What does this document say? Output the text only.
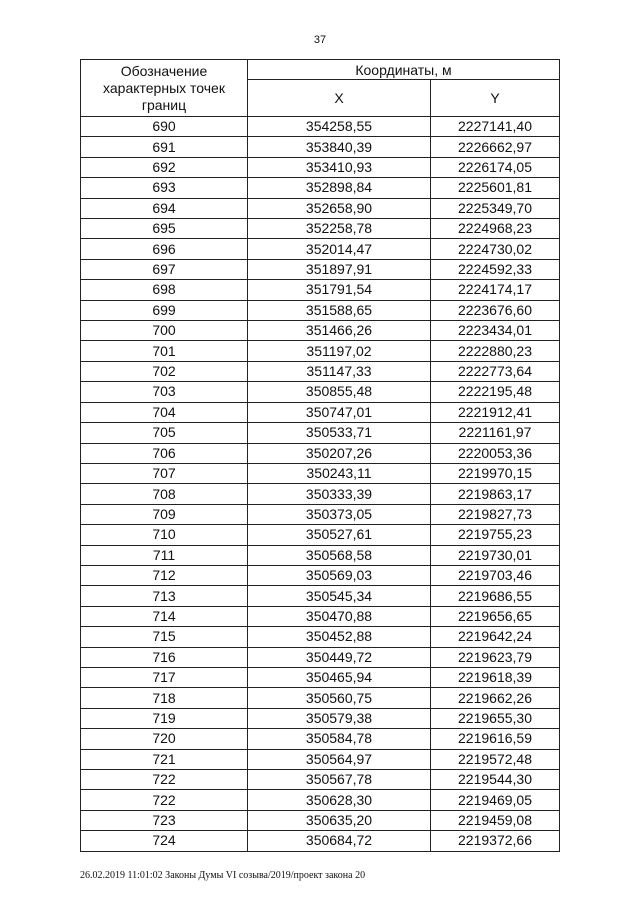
37
Обозначение характерных точек границ	Координаты, м	
	X	Y
690	354258,55	2227141,40
691	353840,39	2226662,97
692	353410,93	2226174,05
693	352898,84	2225601,81
694	352658,90	2225349,70
695	352258,78	2224968,23
696	352014,47	2224730,02
697	351897,91	2224592,33
698	351791,54	2224174,17
699	351588,65	2223676,60
700	351466,26	2223434,01
701	351197,02	2222880,23
702	351147,33	2222773,64
703	350855,48	2222195,48
704	350747,01	2221912,41
705	350533,71	2221161,97
706	350207,26	2220053,36
707	350243,11	2219970,15
708	350333,39	2219863,17
709	350373,05	2219827,73
710	350527,61	2219755,23
711	350568,58	2219730,01
712	350569,03	2219703,46
713	350545,34	2219686,55
714	350470,88	2219656,65
715	350452,88	2219642,24
716	350449,72	2219623,79
717	350465,94	2219618,39
718	350560,75	2219662,26
719	350579,38	2219655,30
720	350584,78	2219616,59
721	350564,97	2219572,48
722	350567,78	2219544,30
722	350628,30	2219469,05
723	350635,20	2219459,08
724	350684,72	2219372,66
26.02.2019 11:01:02 Законы Думы VI созыва/2019/проект закона 20
